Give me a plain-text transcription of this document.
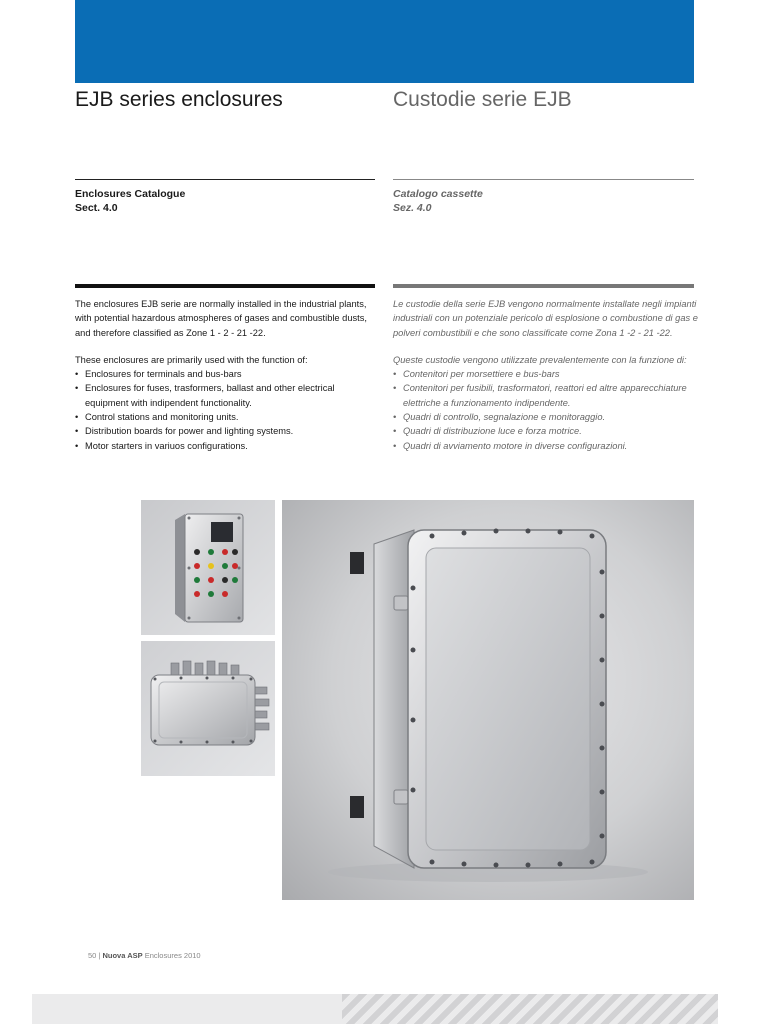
EJB series enclosures	Custodie serie EJB
Enclosures Catalogue
Sect. 4.0
Catalogo cassette
Sez. 4.0

The enclosures EJB serie are normally installed in the industrial plants, with potential hazardous atmospheres of gases and combustible dusts, and therefore classified as Zone 1 - 2 - 21 -22.

These enclosures are primarily used with the function of:

• Enclosures for terminals and bus-bars

• Enclosures for fuses, trasformers, ballast and other electrical equipment with indipendent functionality.

• Control stations and monitoring units.

• Distribution boards for power and lighting systems.

• Motor starters in variuos configurations.

Le custodie della serie EJB vengono normalmente installate negli impianti industriali con un potenziale pericolo di esplosione o combustione di gas e polveri combustibili e che sono classificate come Zona 1 -2 - 21 -22.

Queste custodie vengono utilizzate prevalentemente con la funzione di:

• Contenitori per morsettiere e bus-bars

• Contenitori per fusibili, trasformatori, reattori ed altre apparecchiature elettriche a funzionamento indipendente.

• Quadri di controllo, segnalazione e monitoraggio.

• Quadri di distribuzione luce e forza motrice.

• Quadri di avviamento motore in diverse configurazioni.

50 | Nuova ASP Enclosures 2010
